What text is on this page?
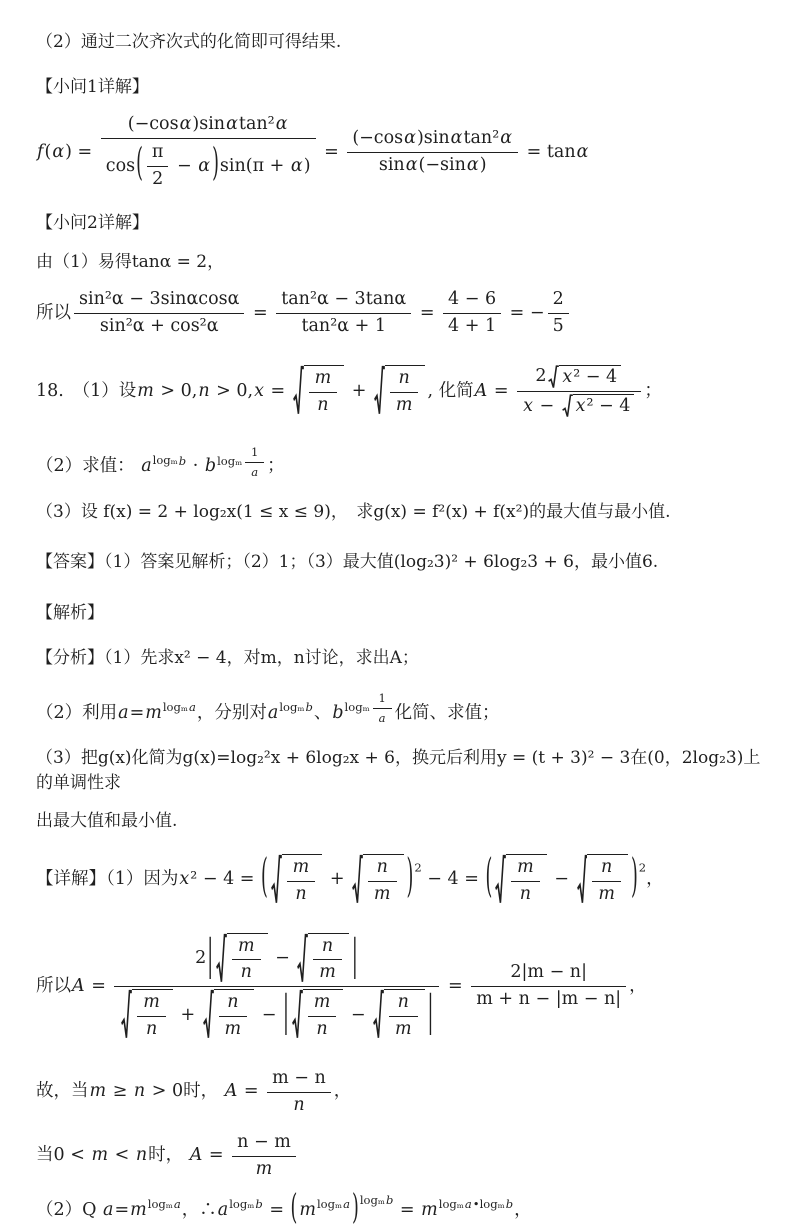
（2）通过二次齐次式的化简即可得结果.
【小问1详解】
$f(\alpha) = \frac{\text{(−cosα)sinαtan²α}}{\cos( \frac{\pi}{2} - \alpha )\sin(\pi + \alpha)} = \frac{\text{(−cosα)sinαtan²α}}{\sin\alpha(-\sin\alpha)} = \tan\alpha$
【小问2详解】
由（1）易得tanα = 2，
所以 $\frac{\text{sin²α − 3sinαcosα}}{\text{sin²α + cos²α}} = \frac{\text{tan²α − 3tanα}}{\text{tan²α + 1}} = \frac{4 - 6}{4 + 1}$ = − $\frac{2}{5}$
18.　（1）设$m > 0,n > 0,x = \frac{m}{n} + \frac{n}{m}$ , 化简$A = \frac{\text{2 x² − 4}}{\text{x − x² − 4}}$ ；
（2）求值： $a^{log_mb} \cdot b^{log_m \frac{1}{a}}$ ；
（3）设 f(x) = 2 + log₂x(1 ≤ x ≤ 9)，　求g(x) = f²(x) + f(x²)的最大值与最小值.
【答案】（1）答案见解析；（2）1；（3）最大值(log₂3)² + 6log₂3 + 6，最小值6.
【解析】
【分析】（1）先求x² − 4，对m，n讨论，求出A；
（2）利用$a=m^{log_ma}$，分别对$a^{log_mb}$、$b^{log_m \frac{1}{a}}$ 化简、求值；
（3）把g(x)化简为g(x)=log₂²x + 6log₂x + 6，换元后利用y = (t + 3)² − 3在(0，2log₂3)上的单调性求
出最大值和最小值.
【详解】（1）因为x² − 4 = ( $\frac{m}{n} + \frac{n}{m} )^2 - 4$ = ( $\frac{m}{n} - \frac{n}{m} )^2$，
所以$A = \frac{2| \frac{m}{n} - \frac{n}{m} |}{\frac{m}{n} + \frac{n}{m} - | \frac{m}{n} - \frac{n}{m} |} = \frac{2|m - n|}{m + n - |m - n|}$ ，
故，当m ≥ n > 0时， $A = \frac{m - n}{n}$ ，
当0 < m < n时， $A = \frac{n - m}{m}$
（2）Q $a=m^{log_ma}$，$\therefore a^{log_mb}$ = ( $m^{log_ma}$ )$^{log_mb} = m^{log_ma•log_mb}$，
